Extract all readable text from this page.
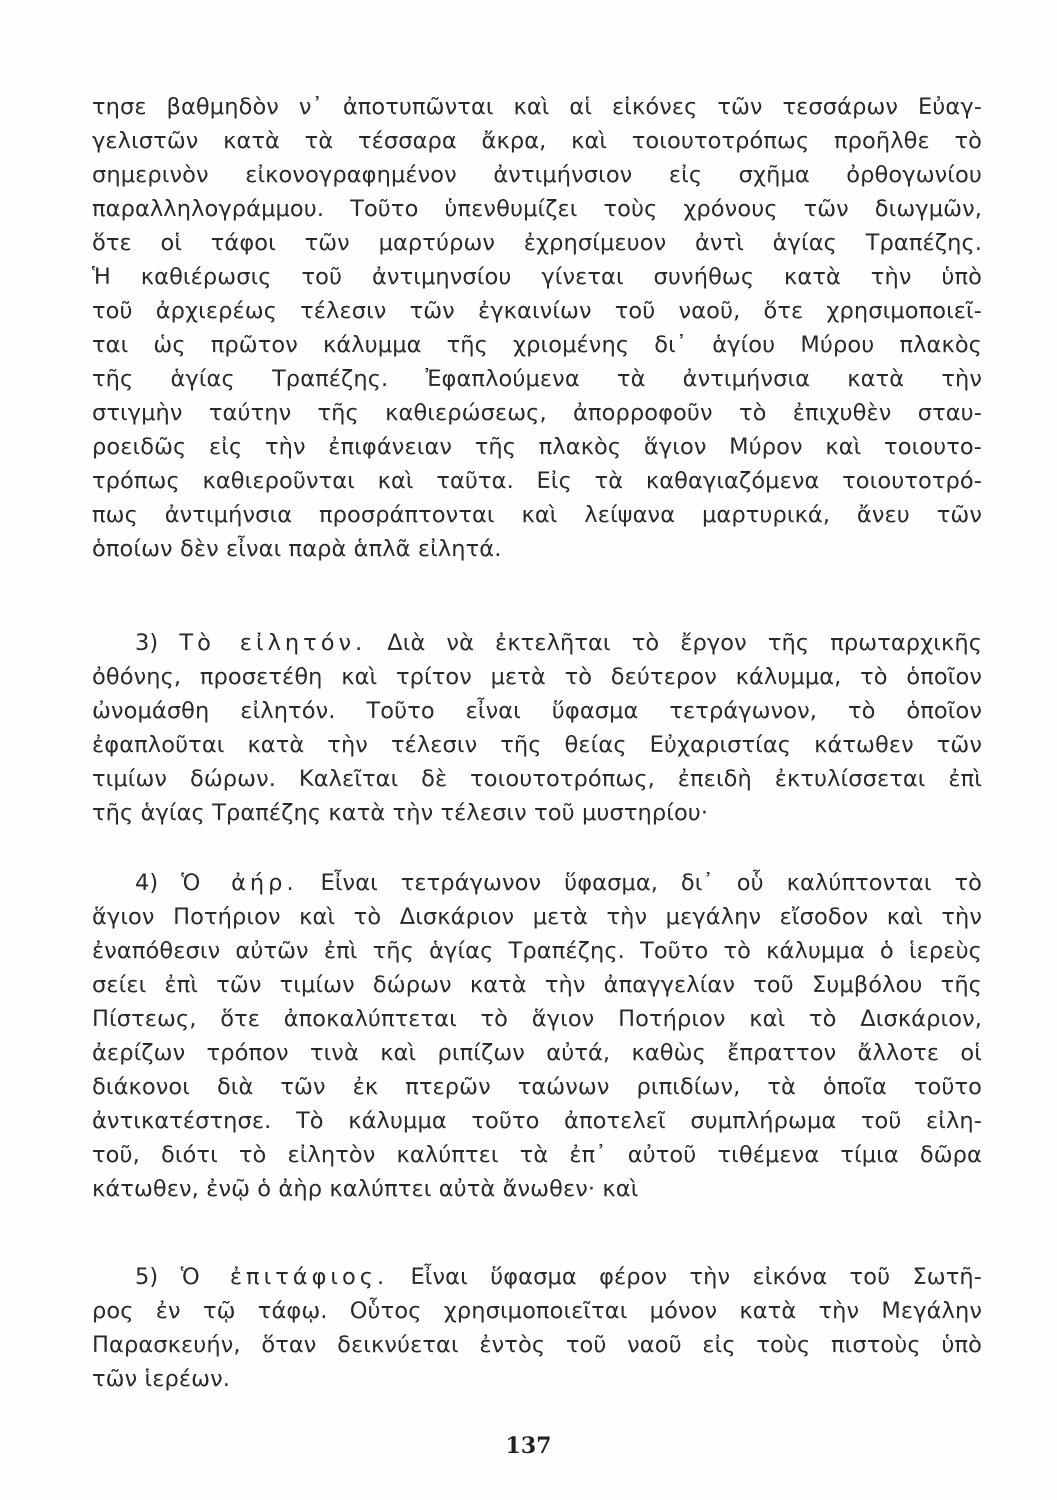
τησε βαθμηδὸν ν᾿ ἀποτυπῶνται καὶ αἱ εἰκόνες τῶν τεσσάρων Εὐαγ-
γελιστῶν κατὰ τὰ τέσσαρα ἄκρα, καὶ τοιουτοτρόπως προῆλθε τὸ
σημερινὸν εἰκονογραφημένον ἀντιμήνσιον εἰς σχῆμα ὀρθογωνίου
παραλληλογράμμου. Τοῦτο ὑπενθυμίζει τοὺς χρόνους τῶν διωγμῶν,
ὅτε οἱ τάφοι τῶν μαρτύρων ἐχρησίμευον ἀντὶ ἁγίας Τραπέζης.
Ἡ καθιέρωσις τοῦ ἀντιμηνσίου γίνεται συνήθως κατὰ τὴν ὑπὸ
τοῦ ἀρχιερέως τέλεσιν τῶν ἐγκαινίων τοῦ ναοῦ, ὅτε χρησιμοποιεῖ-
ται ὡς πρῶτον κάλυμμα τῆς χριομένης δι᾿ ἁγίου Μύρου πλακὸς
τῆς ἁγίας Τραπέζης. Ἐφαπλούμενα τὰ ἀντιμήνσια κατὰ τὴν
στιγμὴν ταύτην τῆς καθιερώσεως, ἀπορροφοῦν τὸ ἐπιχυθὲν σταυ-
ροειδῶς εἰς τὴν ἐπιφάνειαν τῆς πλακὸς ἅγιον Μύρον καὶ τοιουτο-
τρόπως καθιεροῦνται καὶ ταῦτα. Εἰς τὰ καθαγιαζόμενα τοιουτοτρό-
πως ἀντιμήνσια προσράπτονται καὶ λείψανα μαρτυρικά, ἄνευ τῶν
ὁποίων δὲν εἶναι παρὰ ἁπλᾶ εἰλητά.
3) Τὸ εἰλητόν. Διὰ νὰ ἐκτελῆται τὸ ἔργον τῆς πρωταρχικῆς
ὀθόνης, προσετέθη καὶ τρίτον μετὰ τὸ δεύτερον κάλυμμα, τὸ ὁποῖον
ὠνομάσθη εἰλητόν. Τοῦτο εἶναι ὕφασμα τετράγωνον, τὸ ὁποῖον
ἐφαπλοῦται κατὰ τὴν τέλεσιν τῆς θείας Εὐχαριστίας κάτωθεν τῶν
τιμίων δώρων. Καλεῖται δὲ τοιουτοτρόπως, ἐπειδὴ ἐκτυλίσσεται ἐπὶ
τῆς ἁγίας Τραπέζης κατὰ τὴν τέλεσιν τοῦ μυστηρίου·
4) Ὁ ἀήρ. Εἶναι τετράγωνον ὕφασμα, δι᾿ οὗ καλύπτονται τὸ
ἅγιον Ποτήριον καὶ τὸ Δισκάριον μετὰ τὴν μεγάλην εἴσοδον καὶ τὴν
ἐναπόθεσιν αὐτῶν ἐπὶ τῆς ἁγίας Τραπέζης. Τοῦτο τὸ κάλυμμα ὁ ἱερεὺς
σείει ἐπὶ τῶν τιμίων δώρων κατὰ τὴν ἀπαγγελίαν τοῦ Συμβόλου τῆς
Πίστεως, ὅτε ἀποκαλύπτεται τὸ ἅγιον Ποτήριον καὶ τὸ Δισκάριον,
ἀερίζων τρόπον τινὰ καὶ ριπίζων αὐτά, καθὼς ἔπραττον ἄλλοτε οἱ
διάκονοι διὰ τῶν ἐκ πτερῶν ταώνων ριπιδίων, τὰ ὁποῖα τοῦτο
ἀντικατέστησε. Τὸ κάλυμμα τοῦτο ἀποτελεῖ συμπλήρωμα τοῦ εἰλη-
τοῦ, διότι τὸ εἰλητὸν καλύπτει τὰ ἐπ᾿ αὐτοῦ τιθέμενα τίμια δῶρα
κάτωθεν, ἐνῷ ὁ ἀὴρ καλύπτει αὐτὰ ἄνωθεν· καὶ
5) Ὁ ἐπιτάφιος. Εἶναι ὕφασμα φέρον τὴν εἰκόνα τοῦ Σωτῆ-
ρος ἐν τῷ τάφῳ. Οὗτος χρησιμοποιεῖται μόνον κατὰ τὴν Μεγάλην
Παρασκευήν, ὅταν δεικνύεται ἐντὸς τοῦ ναοῦ εἰς τοὺς πιστοὺς ὑπὸ
τῶν ἱερέων.
137
